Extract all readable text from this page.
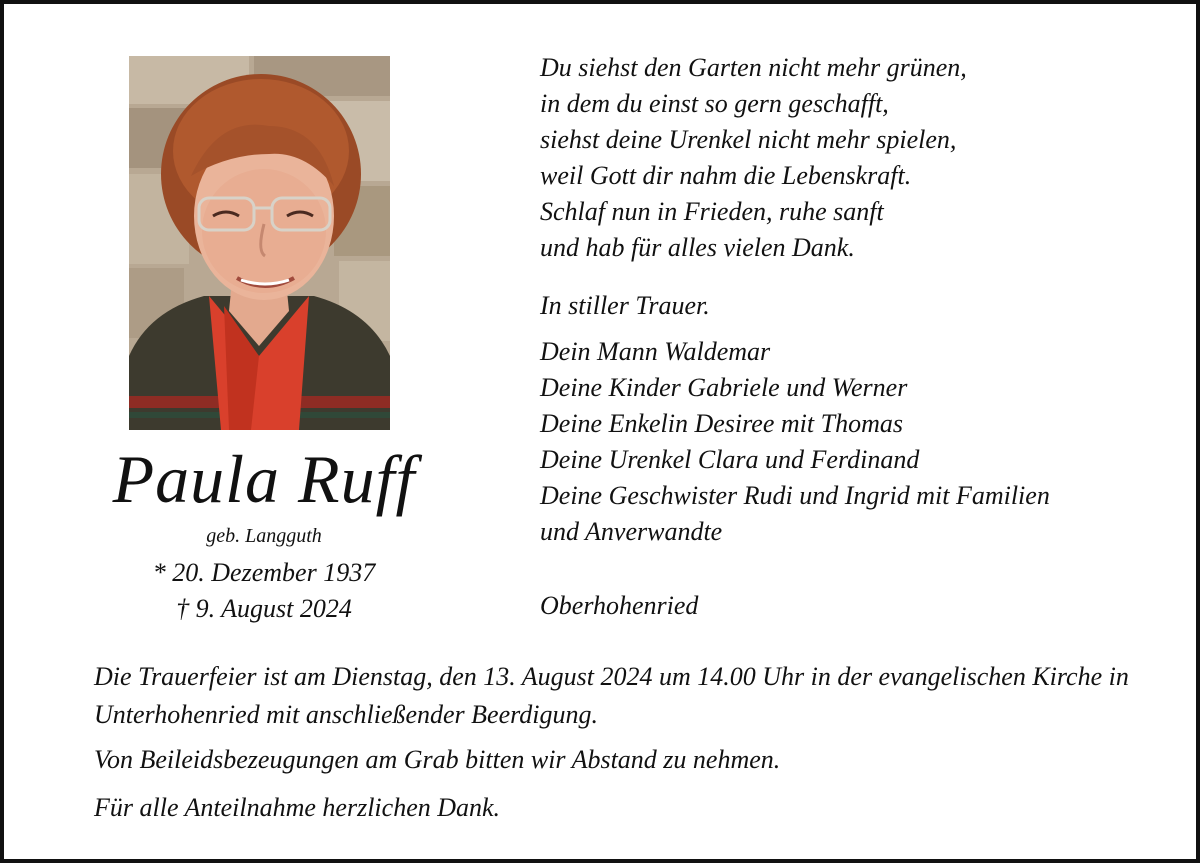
Paula Ruff
geb. Langguth
* 20. Dezember 1937
† 9. August 2024
Du siehst den Garten nicht mehr grünen,
in dem du einst so gern geschafft,
siehst deine Urenkel nicht mehr spielen,
weil Gott dir nahm die Lebenskraft.
Schlaf nun in Frieden, ruhe sanft
und hab für alles vielen Dank.
In stiller Trauer.
Dein Mann Waldemar
Deine Kinder Gabriele und Werner
Deine Enkelin Desiree mit Thomas
Deine Urenkel Clara und Ferdinand
Deine Geschwister Rudi und Ingrid mit Familien
und Anverwandte
Oberhohenried

Die Trauerfeier ist am Dienstag, den 13. August 2024 um 14.00 Uhr in der evangelischen Kirche in Unterhohenried mit anschließender Beerdigung.

Von Beileidsbezeugungen am Grab bitten wir Abstand zu nehmen.

Für alle Anteilnahme herzlichen Dank.
